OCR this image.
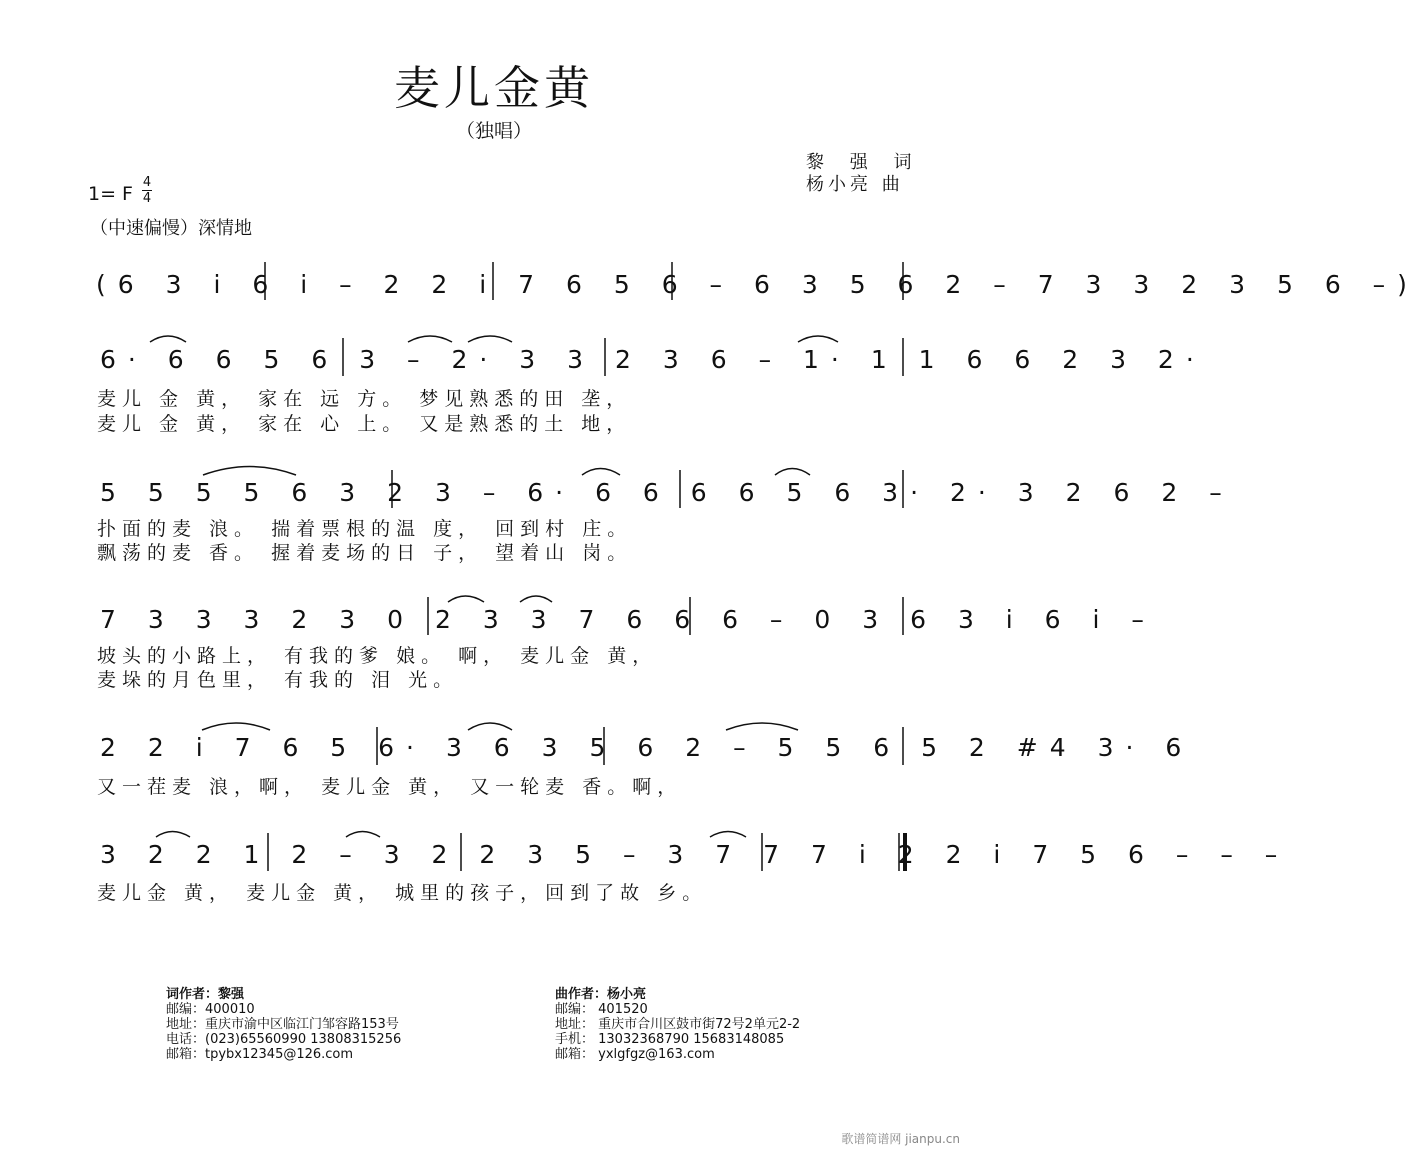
麦儿金黄
（独唱）
黎 强 词
杨小亮 曲
1= F
4
4
（中速偏慢）深情地
(6 3 i 6 i – 2 2 i 7 6 5 6 – 6 3 5 6 2 – 7 3 3 2 3 5 6 –)
6· 6 6 5 6 3 – 2· 3 3 2 3 6 – 1· 1 1 6 6 2 3 2·
麦儿 金 黄， 家在 远 方。 梦见熟悉的田 垄，
麦儿 金 黄， 家在 心 上。 又是熟悉的土 地，
5 5 5 5 6 3 2 3 – 6· 6 6 6 6 5 6 3· 2· 3 2 6 2 –
扑面的麦 浪。 揣着票根的温 度， 回到村 庄。
飘荡的麦 香。 握着麦场的日 子， 望着山 岗。
7 3 3 3 2 3 0 2 3 3 7 6 6 6 – 0 3 6 3 i 6 i –
坡头的小路上， 有我的爹 娘。 啊， 麦儿金 黄，
麦垛的月色里， 有我的 泪 光。
2 2 i 7 6 5 6· 3 6 3 5 6 2 – 5 5 6 5 2 #4 3· 6
又一茬麦 浪，啊， 麦儿金 黄， 又一轮麦 香。啊，
3 2 2 1 2 – 3 2 2 3 5 – 3 7 7 7 i 2 2 i 7 5 6 – – –
麦儿金 黄， 麦儿金 黄， 城里的孩子，回到了故 乡。
词作者：黎强
邮编：400010
地址：重庆市渝中区临江门邹容路153号
电话：(023)65560990 13808315256
邮箱：tpybx12345@126.com
曲作者：杨小亮
邮编： 401520
地址： 重庆市合川区鼓市街72号2单元2-2
手机： 13032368790 15683148085
邮箱： yxlgfgz@163.com
歌谱简谱网 jianpu.cn
